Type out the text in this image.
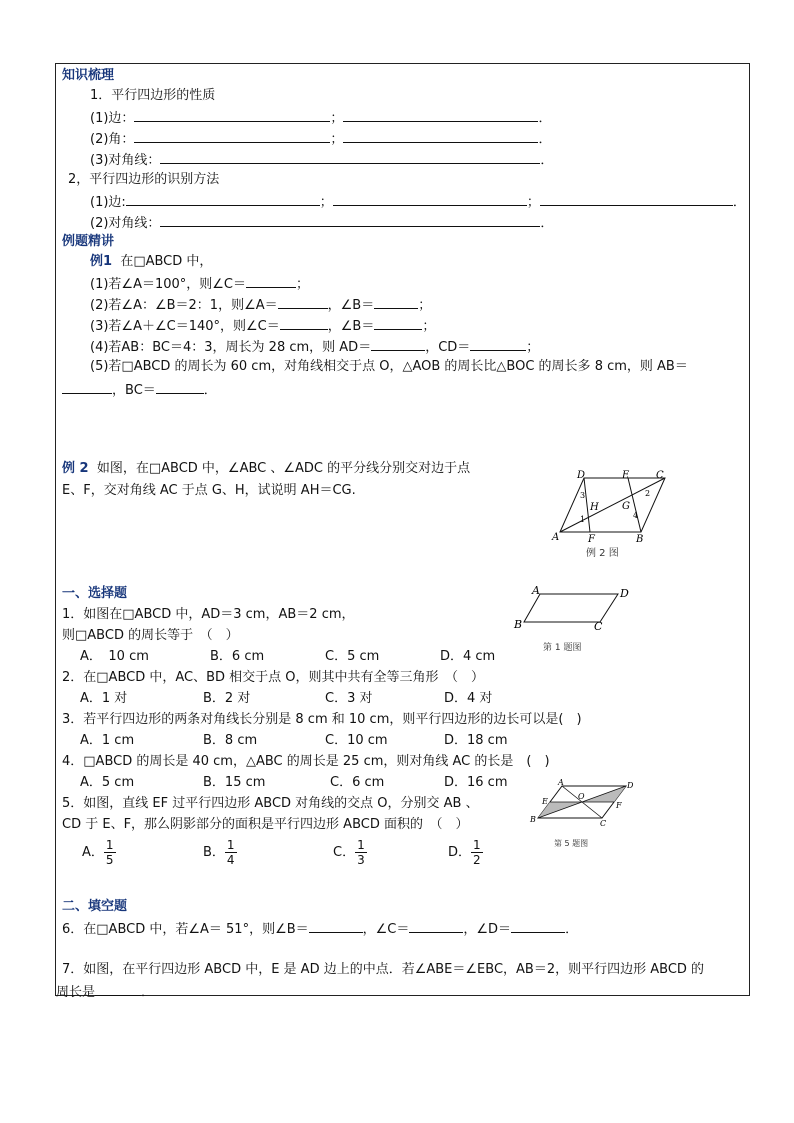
知识梳理
1．平行四边形的性质
(1)边：	；	．
(2)角：	；	．
(3)对角线：	．
2，平行四边形的识别方法
(1)边:	；	；	．
(2)对角线：	．
例题精讲
例1 在□ABCD 中，
(1)若∠A＝100°，则∠C＝	；
(2)若∠A：∠B＝2：1，则∠A＝	，∠B＝	；
(3)若∠A＋∠C＝140°，则∠C＝	，∠B＝	；
(4)若AB：BC＝4：3，周长为 28 cm，则 AD＝	，CD＝	；
(5)若□ABCD 的周长为 60 cm，对角线相交于点 O，△AOB 的周长比△BOC 的周长多 8 cm，则 AB＝
，BC＝	．
例 2 如图，在□ABCD 中，∠ABC 、∠ADC 的平分线分别交对边于点
E、F，交对角线 AC 于点 G、H，试说明 AH＝CG.
D	E	C
A	F	B
H G
3
1
2
4
例 2 图
一、选择题
1．如图在□ABCD 中，AD＝3 cm，AB＝2 cm，
则□ABCD 的周长等于　（　）
A．　10 cm	B．6 cm	C．5 cm	D．4 cm
A	D
B	C
第 1 题图
2．在□ABCD 中，AC、BD 相交于点 O，则其中共有全等三角形　（　）
A．1 对	B．2 对	C．3 对	D．4 对
3．若平行四边形的两条对角线长分别是 8 cm 和 10 cm，则平行四边形的边长可以是(　)
A．1 cm	B．8 cm	C．10 cm	D．18 cm
4．□ABCD 的周长是 40 cm，△ABC 的周长是 25 cm，则对角线 AC 的长是　(　)
A．5 cm	B．15 cm	C．6 cm	D．16 cm
5．如图，直线 EF 过平行四边形 ABCD 对角线的交点 O，分别交 AB 、
CD 于 E、F，那么阴影部分的面积是平行四边形 ABCD 面积的　（　）
A． $\frac{1}{5}$	B． $\frac{1}{4}$	C． $\frac{1}{3}$	D． $\frac{1}{2}$
A	D
B	C
E	F
O
第 5 题图
二、填空题
6．在□ABCD 中，若∠A＝ 51°，则∠B＝	，∠C＝	，∠D＝	．
7．如图，在平行四边形 ABCD 中，E 是 AD 边上的中点．若∠ABE＝∠EBC，AB＝2，则平行四边形 ABCD 的
周长是	．
